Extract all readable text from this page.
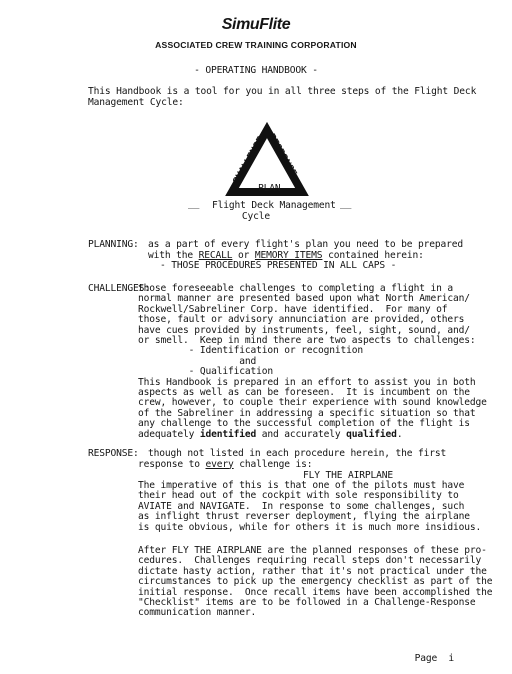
SimuFlite
ASSOCIATED CREW TRAINING CORPORATION
- OPERATING HANDBOOK -
This Handbook is a tool for you in all three steps of the Flight Deck
Management Cycle:
CHALLENGE RESPONSE
PLAN
__ Flight Deck Management __
Cycle
PLANNING: as a part of every flight's plan you need to be prepared
with the RECALL or MEMORY ITEMS contained herein:
- THOSE PROCEDURES PRESENTED IN ALL CAPS -
CHALLENGES:
those foreseeable challenges to completing a flight in a
normal manner are presented based upon what North American/
Rockwell/Sabreliner Corp. have identified.  For many of
those, fault or advisory annunciation are provided, others
have cues provided by instruments, feel, sight, sound, and/
or smell.  Keep in mind there are two aspects to challenges:
- Identification or recognition
and
- Qualification
This Handbook is prepared in an effort to assist you in both
aspects as well as can be foreseen.  It is incumbent on the
crew, however, to couple their experience with sound knowledge
of the Sabreliner in addressing a specific situation so that
any challenge to the successful completion of the flight is
adequately identified and accurately qualified.
RESPONSE: though not listed in each procedure herein, the first
response to every challenge is:
FLY THE AIRPLANE
The imperative of this is that one of the pilots must have
their head out of the cockpit with sole responsibility to
AVIATE and NAVIGATE.  In response to some challenges, such
as inflight thrust reverser deployment, flying the airplane
is quite obvious, while for others it is much more insidious.
After FLY THE AIRPLANE are the planned responses of these pro-
cedures.  Challenges requiring recall steps don't necessarily
dictate hasty action, rather that it's not practical under the
circumstances to pick up the emergency checklist as part of the
initial response.  Once recall items have been accomplished the
"Checklist" items are to be followed in a Challenge-Response
communication manner.
Page  i
